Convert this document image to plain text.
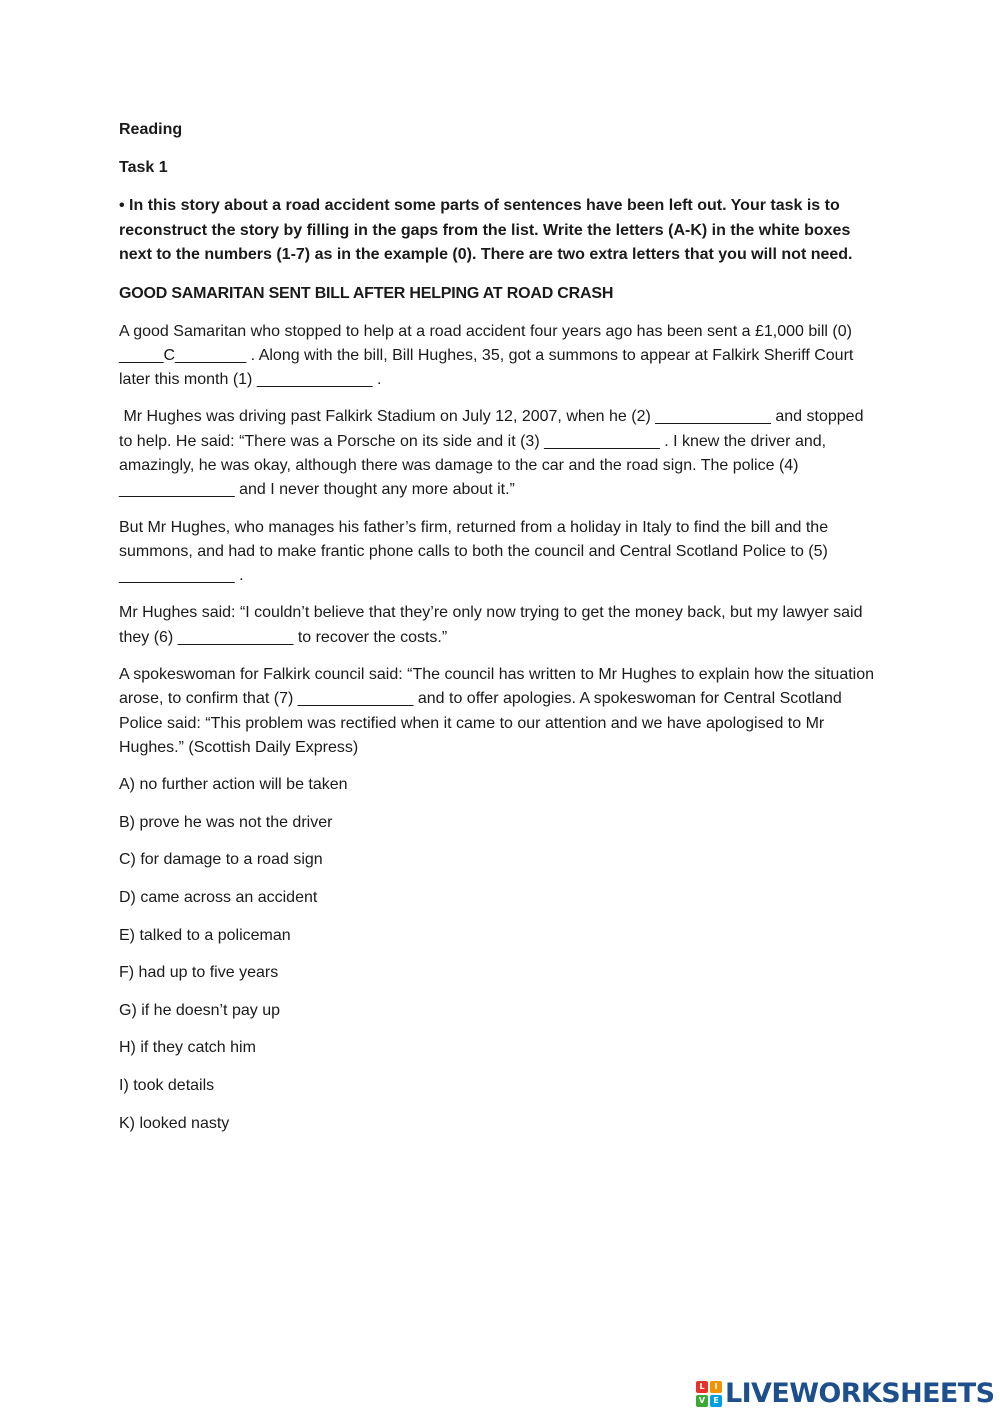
Reading
Task 1
• In this story about a road accident some parts of sentences have been left out. Your task is to reconstruct the story by filling in the gaps from the list. Write the letters (A-K) in the white boxes next to the numbers (1-7) as in the example (0). There are two extra letters that you will not need.
GOOD SAMARITAN SENT BILL AFTER HELPING AT ROAD CRASH
A good Samaritan who stopped to help at a road accident four years ago has been sent a £1,000 bill (0) _____C________ . Along with the bill, Bill Hughes, 35, got a summons to appear at Falkirk Sheriff Court later this month (1) _____________ .
Mr Hughes was driving past Falkirk Stadium on July 12, 2007, when he (2) _____________ and stopped to help. He said: “There was a Porsche on its side and it (3) _____________ . I knew the driver and, amazingly, he was okay, although there was damage to the car and the road sign. The police (4) _____________ and I never thought any more about it.”
But Mr Hughes, who manages his father’s firm, returned from a holiday in Italy to find the bill and the summons, and had to make frantic phone calls to both the council and Central Scotland Police to (5) _____________ .
Mr Hughes said: “I couldn’t believe that they’re only now trying to get the money back, but my lawyer said they (6) _____________ to recover the costs.”
A spokeswoman for Falkirk council said: “The council has written to Mr Hughes to explain how the situation arose, to confirm that (7) _____________ and to offer apologies. A spokeswoman for Central Scotland Police said: “This problem was rectified when it came to our attention and we have apologised to Mr Hughes.” (Scottish Daily Express)
A) no further action will be taken
B) prove he was not the driver
C) for damage to a road sign
D) came across an accident
E) talked to a policeman
F) had up to five years
G) if he doesn’t pay up
H) if they catch him
I) took details
K) looked nasty
L	I
V	E LIVEWORKSHEETS
